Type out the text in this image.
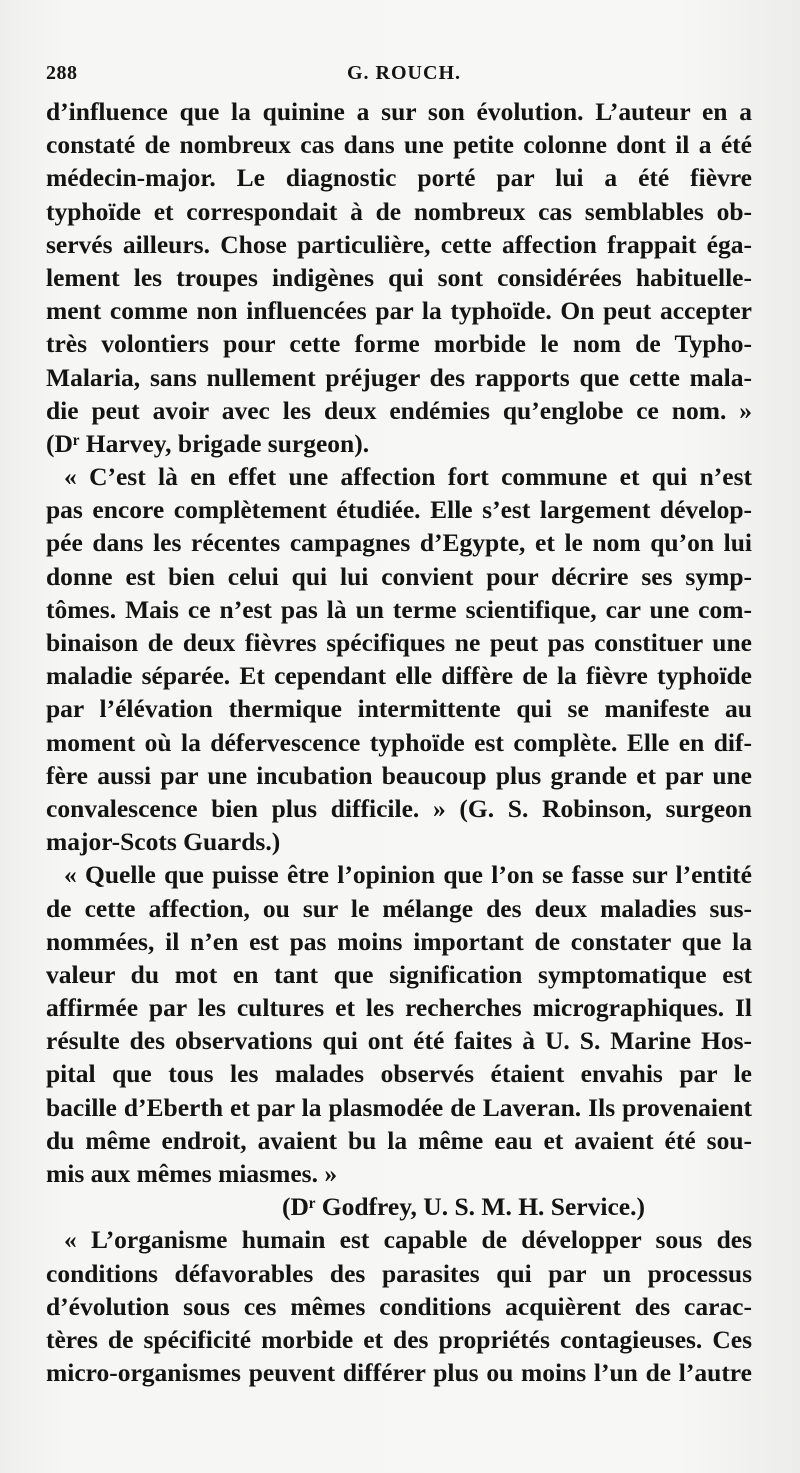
288	G. ROUCH.
d’influence que la quinine a sur son évolution. L’auteur en a
constaté de nombreux cas dans une petite colonne dont il a été
médecin-major. Le diagnostic porté par lui a été fièvre
typhoïde et correspondait à de nombreux cas semblables ob-
servés ailleurs. Chose particulière, cette affection frappait éga-
lement les troupes indigènes qui sont considérées habituelle-
ment comme non influencées par la typhoïde. On peut accepter
très volontiers pour cette forme morbide le nom de Typho-
Malaria, sans nullement préjuger des rapports que cette mala-
die peut avoir avec les deux endémies qu’englobe ce nom. »
(Dʳ Harvey, brigade surgeon).
« C’est là en effet une affection fort commune et qui n’est
pas encore complètement étudiée. Elle s’est largement dévelop-
pée dans les récentes campagnes d’Egypte, et le nom qu’on lui
donne est bien celui qui lui convient pour décrire ses symp-
tômes. Mais ce n’est pas là un terme scientifique, car une com-
binaison de deux fièvres spécifiques ne peut pas constituer une
maladie séparée. Et cependant elle diffère de la fièvre typhoïde
par l’élévation thermique intermittente qui se manifeste au
moment où la défervescence typhoïde est complète. Elle en dif-
fère aussi par une incubation beaucoup plus grande et par une
convalescence bien plus difficile. » (G. S. Robinson, surgeon
major-Scots Guards.)
« Quelle que puisse être l’opinion que l’on se fasse sur l’entité
de cette affection, ou sur le mélange des deux maladies sus-
nommées, il n’en est pas moins important de constater que la
valeur du mot en tant que signification symptomatique est
affirmée par les cultures et les recherches micrographiques. Il
résulte des observations qui ont été faites à U. S. Marine Hos-
pital que tous les malades observés étaient envahis par le
bacille d’Eberth et par la plasmodée de Laveran. Ils provenaient
du même endroit, avaient bu la même eau et avaient été sou-
mis aux mêmes miasmes. »
(Dʳ Godfrey, U. S. M. H. Service.)
« L’organisme humain est capable de développer sous des
conditions défavorables des parasites qui par un processus
d’évolution sous ces mêmes conditions acquièrent des carac-
tères de spécificité morbide et des propriétés contagieuses. Ces
micro-organismes peuvent différer plus ou moins l’un de l’autre
